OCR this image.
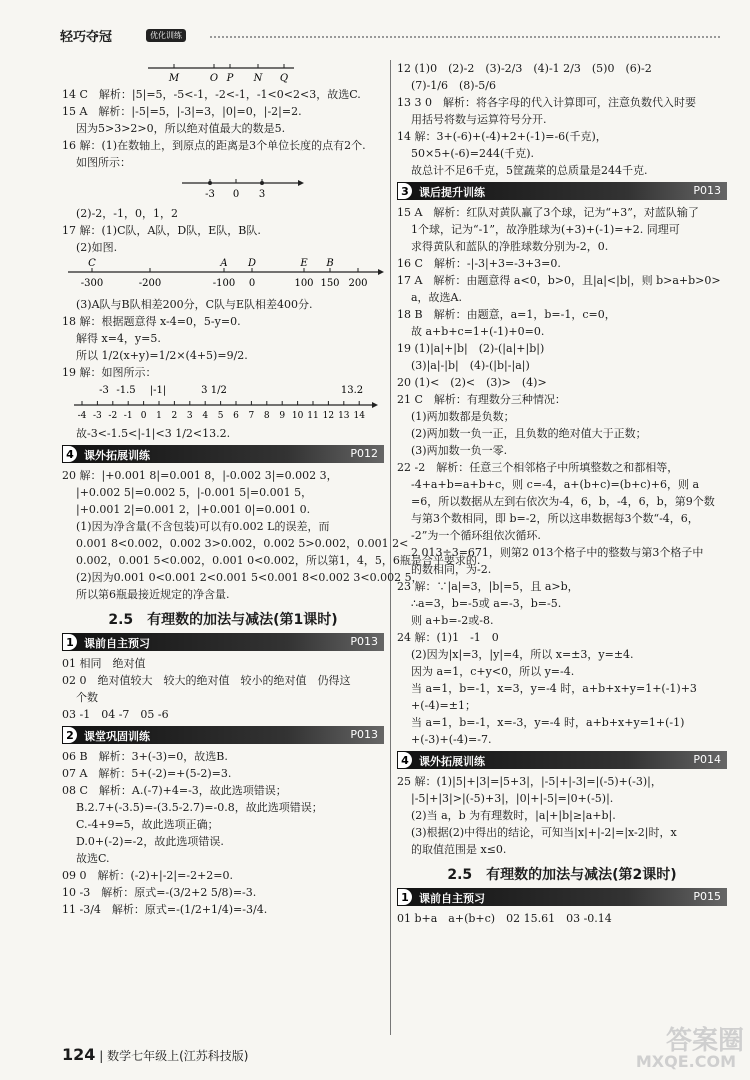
轻巧夺冠	优化训练
M	O P N Q
14 C　解析：|5|=5，-5<-1，-2<-1，-1<0<2<3，故选C.
15 A　解析：|-5|=5，|-3|=3，|0|=0，|-2|=2.
因为5>3>2>0，所以绝对值最大的数是5.
16 解：(1)在数轴上，到原点的距离是3个单位长度的点有2个.
如图所示：
-3 0 3
(2)-2，-1，0，1，2
17 解：(1)C队，A队，D队，E队，B队.
(2)如图.
C	A D	E B
-300	-200	-100 0	100 150 200
(3)A队与B队相差200分，C队与E队相差400分.
18 解：根据题意得 x-4=0，5-y=0.
解得 x=4，y=5.
所以 1/2(x+y)=1/2×(4+5)=9/2.
19 解：如图所示：
-3 -1.5 |-1|	3 1/2	13.2
-4 -3 -2 -1 0 1 2 3 4 5 6 7 8 9 10 11 12 13 14
故-3<-1.5<|-1|<3 1/2<13.2.
4 课外拓展训练	P012
20 解：|+0.001 8|=0.001 8，|-0.002 3|=0.002 3，
|+0.002 5|=0.002 5，|-0.001 5|=0.001 5，
|+0.001 2|=0.001 2，|+0.001 0|=0.001 0.
(1)因为净含量(不含包装)可以有0.002 L的误差，而
0.001 8<0.002，0.002 3>0.002，0.002 5>0.002，0.001 2<
0.002，0.001 5<0.002，0.001 0<0.002，所以第1，4，5，6瓶是合乎要求的.
(2)因为0.001 0<0.001 2<0.001 5<0.001 8<0.002 3<0.002 5，
所以第6瓶最接近规定的净含量.
2.5　有理数的加法与减法(第1课时)
1 课前自主预习	P013
01 相同　绝对值
02 0　绝对值较大　较大的绝对值　较小的绝对值　仍得这
个数
03 -1　04 -7　05 -6
2 课堂巩固训练	P013
06 B　解析：3+(-3)=0，故选B.
07 A　解析：5+(-2)=+(5-2)=3.
08 C　解析：A.(-7)+4=-3，故此选项错误；
B.2.7+(-3.5)=-(3.5-2.7)=-0.8，故此选项错误；
C.-4+9=5，故此选项正确；
D.0+(-2)=-2，故此选项错误.
故选C.
09 0　解析：(-2)+|-2|=-2+2=0.
10 -3　解析：原式=-(3/2+2 5/8)=-3.
11 -3/4　解析：原式=-(1/2+1/4)=-3/4.
12 (1)0　(2)-2　(3)-2/3　(4)-1 2/3　(5)0　(6)-2
(7)-1/6　(8)-5/6
13 3 0　解析：将各字母的代入计算即可，注意负数代入时要
用括号将数与运算符号分开.
14 解：3+(-6)+(-4)+2+(-1)=-6(千克)，
50×5+(-6)=244(千克).
故总计不足6千克，5筐蔬菜的总质量是244千克.
3 课后提升训练	P013
15 A　解析：红队对黄队赢了3个球，记为“+3”，对蓝队输了
1个球，记为“-1”，故净胜球为(+3)+(-1)=+2. 同理可
求得黄队和蓝队的净胜球数分别为-2，0.
16 C　解析：-|-3|+3=-3+3=0.
17 A　解析：由题意得 a<0，b>0，且|a|<|b|，则 b>a+b>0>
a，故选A.
18 B　解析：由题意，a=1，b=-1，c=0，
故 a+b+c=1+(-1)+0=0.
19 (1)|a|+|b|　(2)-(|a|+|b|)
(3)|a|-|b|　(4)-(|b|-|a|)
20 (1)<　(2)<　(3)>　(4)>
21 C　解析：有理数分三种情况：
(1)两加数都是负数；
(2)两加数一负一正，且负数的绝对值大于正数；
(3)两加数一负一零.
22 -2　解析：任意三个相邻格子中所填整数之和都相等，
-4+a+b=a+b+c，则 c=-4，a+(b+c)=(b+c)+6，则 a
=6，所以数据从左到右依次为-4，6，b，-4，6，b，第9个数
与第3个数相同，即 b=-2，所以这串数据每3个数“-4，6，
-2”为一个循环组依次循环.
2 013÷3=671，则第2 013个格子中的整数与第3个格子中
的数相同，为-2.
23 解：∵|a|=3，|b|=5，且 a>b，
∴a=3，b=-5或 a=-3，b=-5.
则 a+b=-2或-8.
24 解：(1)1　-1　0
(2)因为|x|=3，|y|=4，所以 x=±3，y=±4.
因为 a=1，c+y<0，所以 y=-4.
当 a=1，b=-1，x=3，y=-4 时，a+b+x+y=1+(-1)+3
+(-4)=±1；
当 a=1，b=-1，x=-3，y=-4 时，a+b+x+y=1+(-1)
+(-3)+(-4)=-7.
4 课外拓展训练	P014
25 解：(1)|5|+|3|=|5+3|，|-5|+|-3|=|(-5)+(-3)|，
|-5|+|3|>|(-5)+3|，|0|+|-5|=|0+(-5)|.
(2)当 a，b 为有理数时，|a|+|b|≥|a+b|.
(3)根据(2)中得出的结论，可知当|x|+|-2|=|x-2|时，x
的取值范围是 x≤0.
2.5　有理数的加法与减法(第2课时)
1 课前自主预习	P015
01 b+a　a+(b+c)　02 15.61　03 -0.14
124 | 数学七年级上(江苏科技版)	答案圈
MXQE.COM
